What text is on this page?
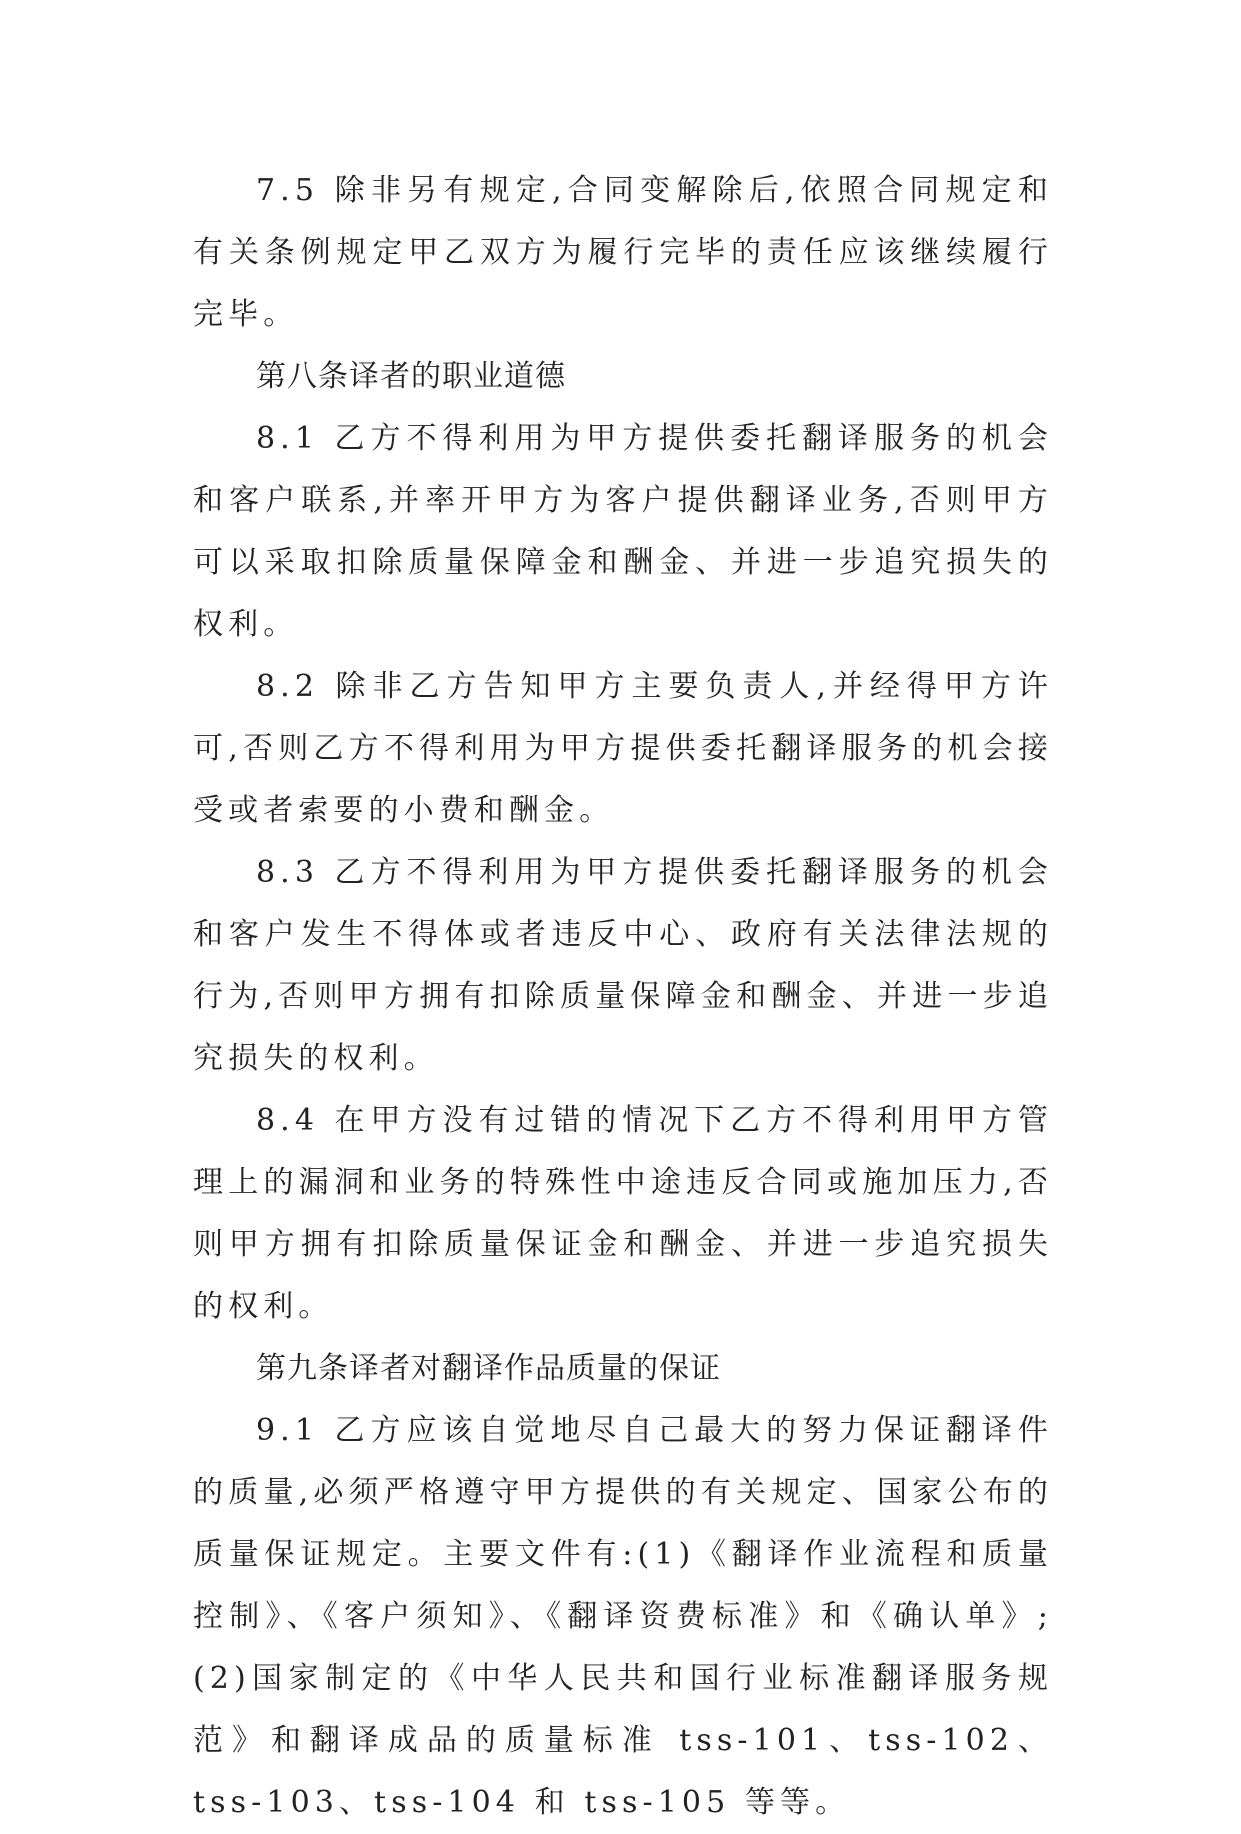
7.5 除非另有规定,合同变解除后,依照合同规定和有关条例规定甲乙双方为履行完毕的责任应该继续履行完毕。

第八条译者的职业道德

8.1 乙方不得利用为甲方提供委托翻译服务的机会和客户联系,并率开甲方为客户提供翻译业务,否则甲方可以采取扣除质量保障金和酬金、并进一步追究损失的权利。

8.2 除非乙方告知甲方主要负责人,并经得甲方许可,否则乙方不得利用为甲方提供委托翻译服务的机会接受或者索要的小费和酬金。

8.3 乙方不得利用为甲方提供委托翻译服务的机会和客户发生不得体或者违反中心、政府有关法律法规的行为,否则甲方拥有扣除质量保障金和酬金、并进一步追究损失的权利。

8.4 在甲方没有过错的情况下乙方不得利用甲方管理上的漏洞和业务的特殊性中途违反合同或施加压力,否则甲方拥有扣除质量保证金和酬金、并进一步追究损失的权利。

第九条译者对翻译作品质量的保证

9.1 乙方应该自觉地尽自己最大的努力保证翻译件的质量,必须严格遵守甲方提供的有关规定、国家公布的质量保证规定。主要文件有:(1)《翻译作业流程和质量控制》、《客户须知》、《翻译资费标准》和《确认单》;(2)国家制定的《中华人民共和国行业标准翻译服务规范》和翻译成品的质量标准 tss-101、tss-102、tss-103、tss-104 和 tss-105 等等。
